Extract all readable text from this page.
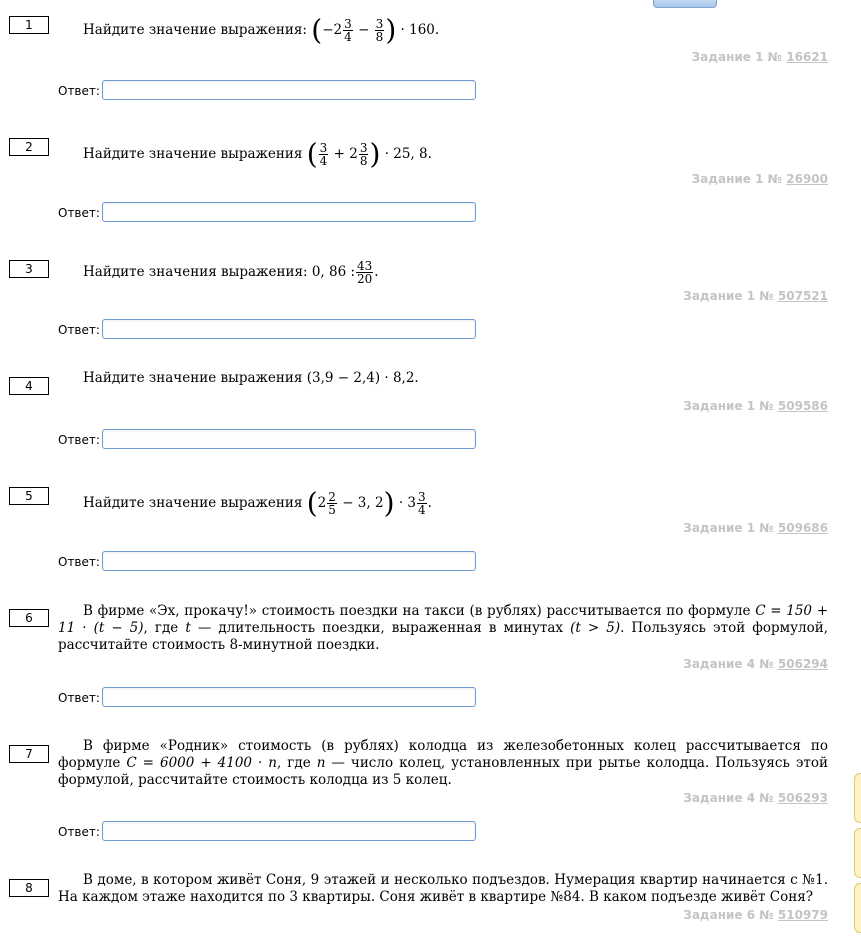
1	Найдите значение выражения: ($-2 \frac{3}{4} - \frac{3}{8}$ ) · 160.
Задание 1 № 16621
Ответ:
2	Найдите значение выражения ( $\frac{3}{4} + 2 \frac{3}{8}$ ) · 25, 8.
Задание 1 № 26900
Ответ:
3	Найдите значения выражения: 0, 86 : $\frac{43}{20}$ .
Задание 1 № 507521
Ответ:
4	Найдите значение выражения (3,9 − 2,4) · 8,2.
Задание 1 № 509586
Ответ:
5	Найдите значение выражения ($2 \frac{2}{5} - 3$, $2) \cdot 3 \frac{3}{4}$ .
Задание 1 № 509686
Ответ:
6	В фирме «Эх, прокачу!» стоимость поездки на такси (в рублях) рассчитывается по формуле C = 150 + 11 · (t − 5), где t — длительность поездки, выраженная в минутах (t > 5). Пользуясь этой формулой, рассчитайте стоимость 8-минутной поездки.
Задание 4 № 506294
Ответ:
7	В фирме «Родник» стоимость (в рублях) колодца из железобетонных колец рассчитывается по формуле C = 6000 + 4100 · n, где n — число колец, установленных при рытье колодца. Пользуясь этой формулой, рассчитайте стоимость колодца из 5 колец.
Задание 4 № 506293
Ответ:
8	В доме, в котором живёт Соня, 9 этажей и несколько подъездов. Нумерация квартир начинается с №1. На каждом этаже находится по 3 квартиры. Соня живёт в квартире №84. В каком подъезде живёт Соня?
Задание 6 № 510979
